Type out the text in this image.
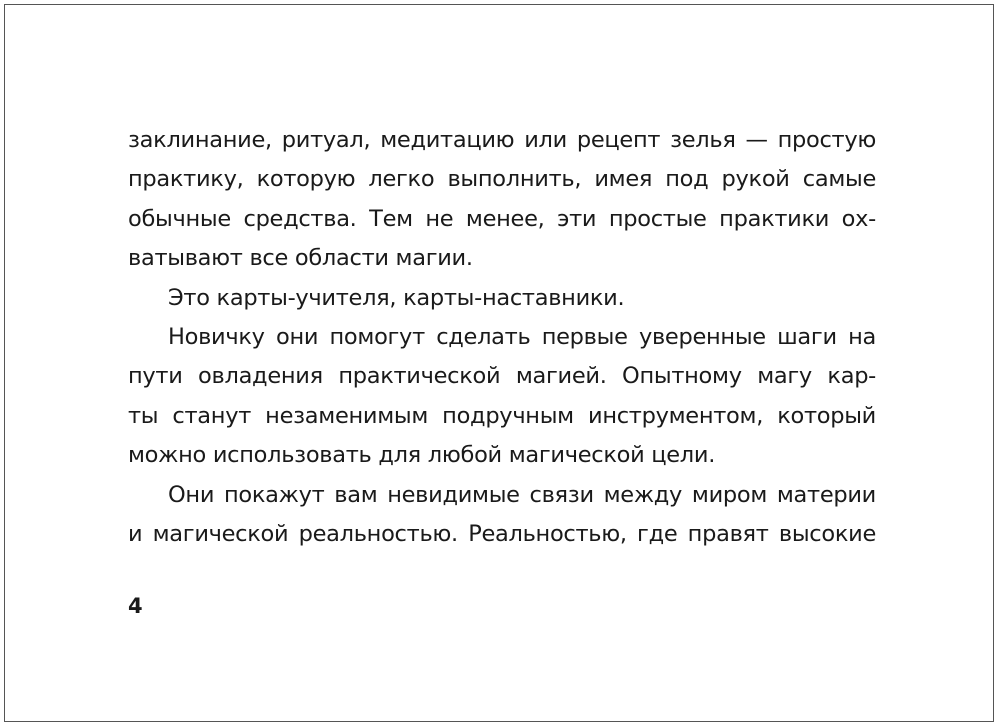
заклинание, ритуал, медитацию или рецепт зелья — простую
практику, которую легко выполнить, имея под рукой самые
обычные средства. Тем не менее, эти простые практики ох-
ватывают все области магии.
Это карты-учителя, карты-наставники.
Новичку они помогут сделать первые уверенные шаги на
пути овладения практической магией. Опытному магу кар-
ты станут незаменимым подручным инструментом, который
можно использовать для любой магической цели.
Они покажут вам невидимые связи между миром материи
и магической реальностью. Реальностью, где правят высокие
4
